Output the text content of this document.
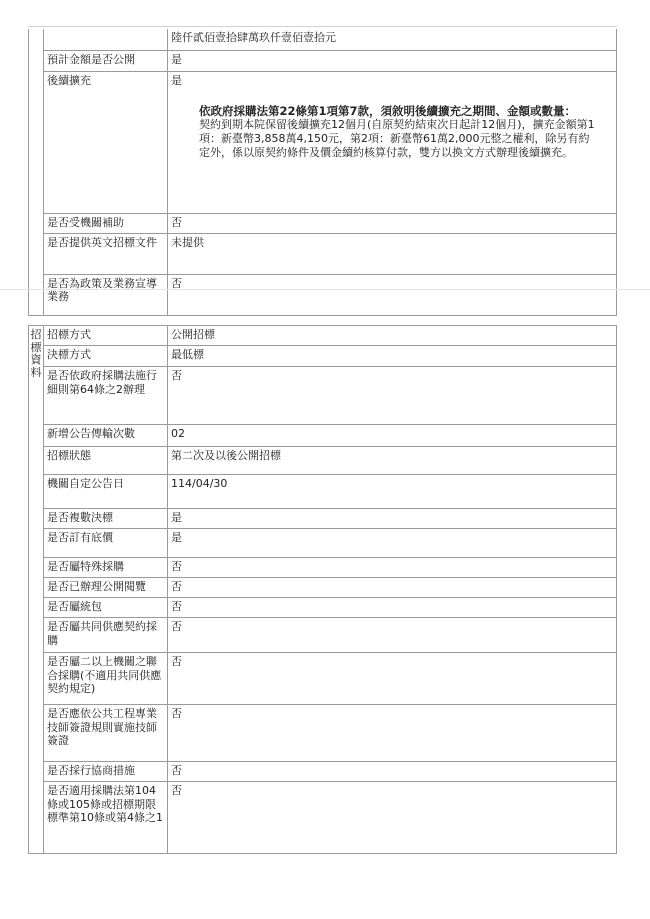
		陸仟貳佰壹拾肆萬玖仟壹佰壹拾元
	預計金額是否公開	是
	後續擴充	是
依政府採購法第22條第1項第7款，須敘明後續擴充之期間、金額或數量：
契約到期本院保留後續擴充12個月(自原契約結束次日起計12個月)，擴充金額第1項：新臺幣3,858萬4,150元，第2項：新臺幣61萬2,000元整之權利，除另有約定外，係以原契約條件及價金續約核算付款，雙方以換文方式辦理後續擴充。

	是否受機關補助	否
	是否提供英文招標文件	未提供
	是否為政策及業務宣導業務	否
招標資料	招標方式	公開招標
	決標方式	最低標
	是否依政府採購法施行細則第64條之2辦理	否
	新增公告傳輸次數	02
	招標狀態	第二次及以後公開招標
	機關自定公告日	114/04/30
	是否複數決標	是
	是否訂有底價	是
	是否屬特殊採購	否
	是否已辦理公開閱覽	否
	是否屬統包	否
	是否屬共同供應契約採購	否
	是否屬二以上機關之聯合採購(不適用共同供應契約規定)	否
	是否應依公共工程專業技師簽證規則實施技師簽證	否
	是否採行協商措施	否
	是否適用採購法第104條或105條或招標期限標準第10條或第4條之1	否
